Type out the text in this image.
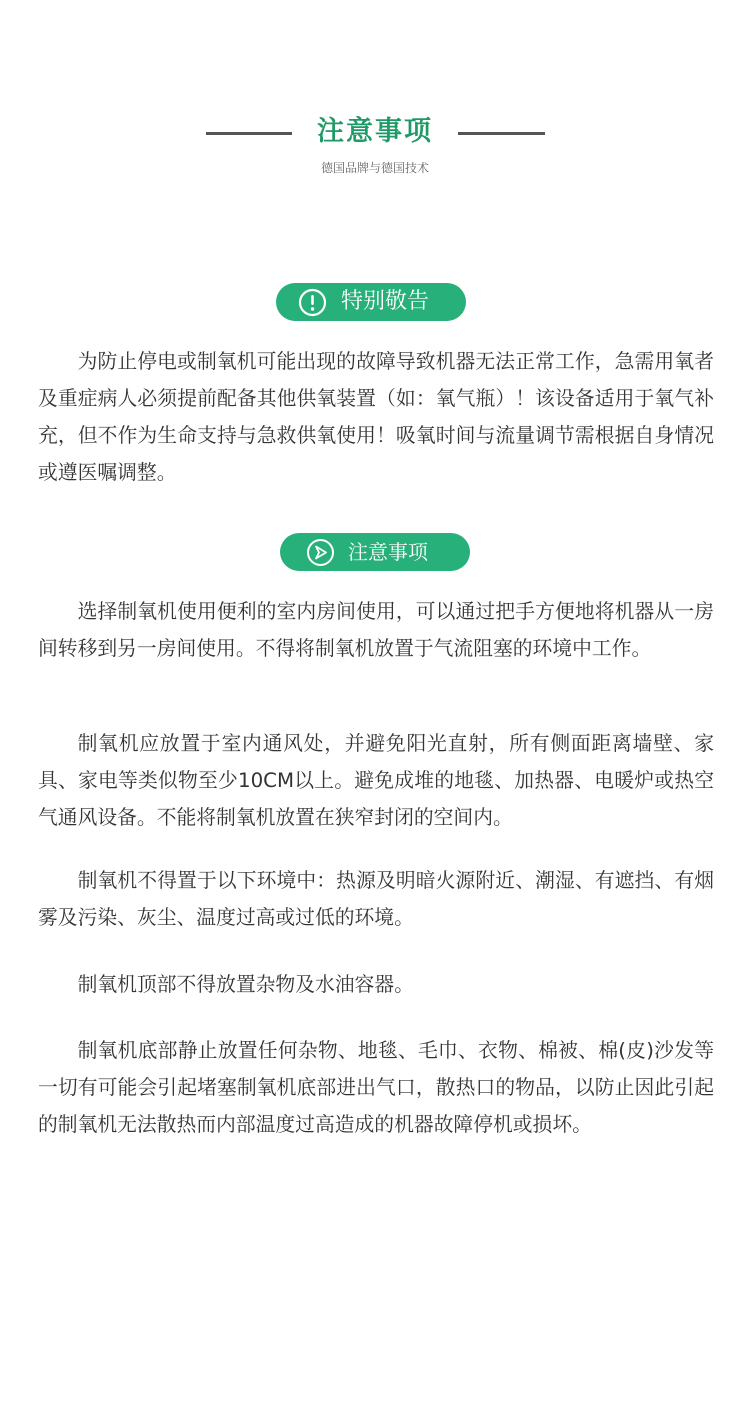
注意事项
德国品牌与德国技术
特别敬告

为防止停电或制氧机可能出现的故障导致机器无法正常工作，急需用氧者及重症病人必须提前配备其他供氧装置（如：氧气瓶）！该设备适用于氧气补充，但不作为生命支持与急救供氧使用！吸氧时间与流量调节需根据自身情况或遵医嘱调整。

注意事项

选择制氧机使用便利的室内房间使用，可以通过把手方便地将机器从一房间转移到另一房间使用。不得将制氧机放置于气流阻塞的环境中工作。

制氧机应放置于室内通风处，并避免阳光直射，所有侧面距离墙壁、家具、家电等类似物至少10CM以上。避免成堆的地毯、加热器、电暖炉或热空气通风设备。不能将制氧机放置在狭窄封闭的空间内。

制氧机不得置于以下环境中：热源及明暗火源附近、潮湿、有遮挡、有烟雾及污染、灰尘、温度过高或过低的环境。

制氧机顶部不得放置杂物及水油容器。

制氧机底部静止放置任何杂物、地毯、毛巾、衣物、棉被、棉(皮)沙发等一切有可能会引起堵塞制氧机底部进出气口，散热口的物品，以防止因此引起的制氧机无法散热而内部温度过高造成的机器故障停机或损坏。
